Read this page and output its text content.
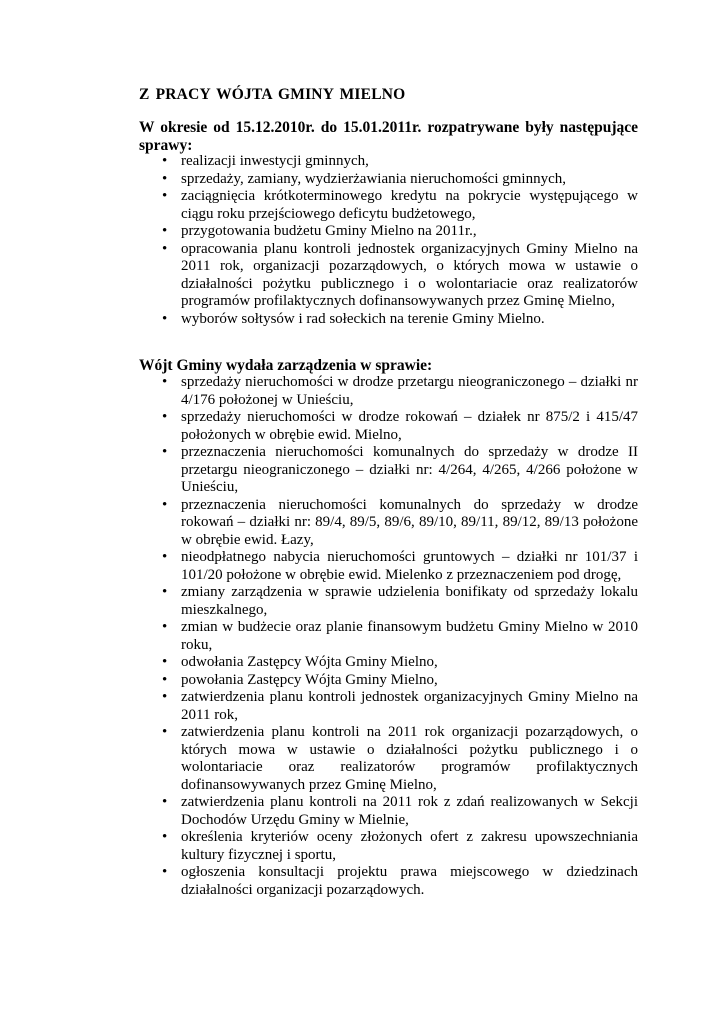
Z PRACY WÓJTA GMINY MIELNO
W okresie od 15.12.2010r. do 15.01.2011r. rozpatrywane były następujące
sprawy:
• realizacji inwestycji gminnych,
• sprzedaży, zamiany, wydzierżawiania nieruchomości gminnych,
• zaciągnięcia krótkoterminowego kredytu na pokrycie występującego w ciągu roku przejściowego deficytu budżetowego,
• przygotowania budżetu Gminy Mielno na 2011r.,
• opracowania planu kontroli jednostek organizacyjnych Gminy Mielno na 2011 rok, organizacji pozarządowych, o których mowa w ustawie o działalności pożytku publicznego i o wolontariacie oraz realizatorów programów profilaktycznych dofinansowywanych przez Gminę Mielno,
• wyborów sołtysów i rad sołeckich na terenie Gminy Mielno.
Wójt Gminy wydała zarządzenia w sprawie:
• sprzedaży nieruchomości w drodze przetargu nieograniczonego – działki nr 4/176 położonej w Unieściu,
• sprzedaży nieruchomości w drodze rokowań – działek nr 875/2 i 415/47 położonych w obrębie ewid. Mielno,
• przeznaczenia nieruchomości komunalnych do sprzedaży w drodze II przetargu nieograniczonego – działki nr: 4/264, 4/265, 4/266 położone w Unieściu,
• przeznaczenia nieruchomości komunalnych do sprzedaży w drodze rokowań – działki nr: 89/4, 89/5, 89/6, 89/10, 89/11, 89/12, 89/13 położone w obrębie ewid. Łazy,
• nieodpłatnego nabycia nieruchomości gruntowych – działki nr 101/37 i 101/20 położone w obrębie ewid. Mielenko z przeznaczeniem pod drogę,
• zmiany zarządzenia w sprawie udzielenia bonifikaty od sprzedaży lokalu mieszkalnego,
• zmian w budżecie oraz planie finansowym budżetu Gminy Mielno w 2010 roku,
• odwołania Zastępcy Wójta Gminy Mielno,
• powołania Zastępcy Wójta Gminy Mielno,
• zatwierdzenia planu kontroli jednostek organizacyjnych Gminy Mielno na 2011 rok,
• zatwierdzenia planu kontroli na 2011 rok organizacji pozarządowych, o których mowa w ustawie o działalności pożytku publicznego i o wolontariacie oraz realizatorów programów profilaktycznych dofinansowywanych przez Gminę Mielno,
• zatwierdzenia planu kontroli na 2011 rok z zdań realizowanych w Sekcji Dochodów Urzędu Gminy w Mielnie,
• określenia kryteriów oceny złożonych ofert z zakresu upowszechniania kultury fizycznej i sportu,
• ogłoszenia konsultacji projektu prawa miejscowego w dziedzinach działalności organizacji pozarządowych.
